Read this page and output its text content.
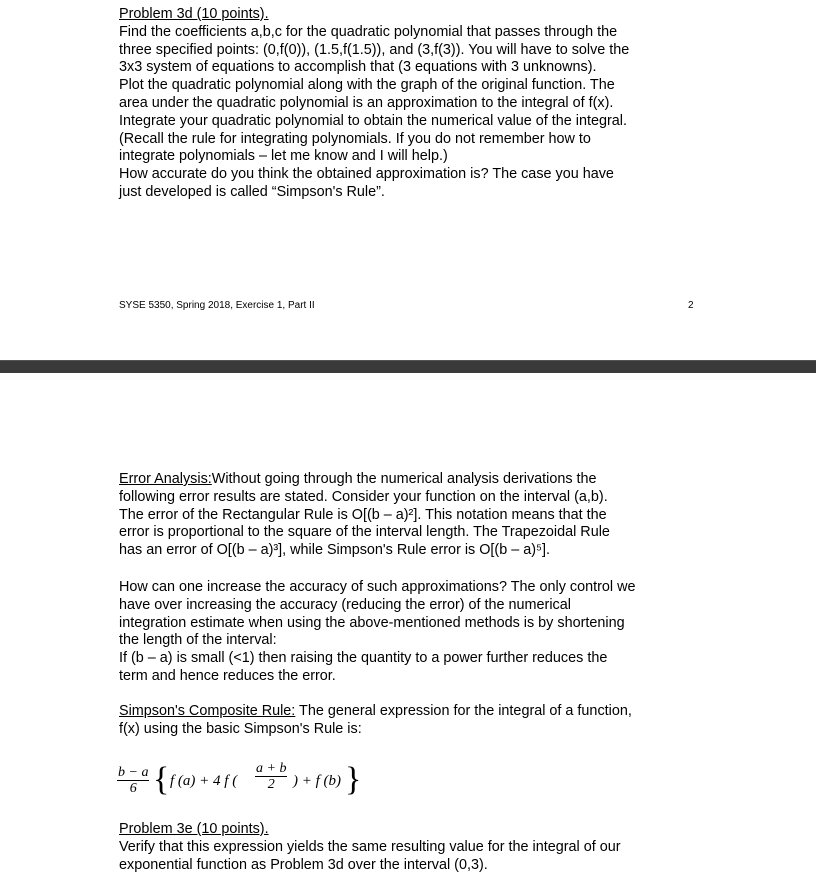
Problem 3d (10 points).
Find the coefficients a,b,c for the quadratic polynomial that passes through the
three specified points: (0,f(0)), (1.5,f(1.5)), and (3,f(3)). You will have to solve the
3x3 system of equations to accomplish that (3 equations with 3 unknowns).
Plot the quadratic polynomial along with the graph of the original function. The
area under the quadratic polynomial is an approximation to the integral of f(x).
Integrate your quadratic polynomial to obtain the numerical value of the integral.
(Recall the rule for integrating polynomials. If you do not remember how to
integrate polynomials – let me know and I will help.)
How accurate do you think the obtained approximation is? The case you have
just developed is called “Simpson's Rule”.
SYSE 5350, Spring 2018, Exercise 1, Part II	2
Error Analysis:Without going through the numerical analysis derivations the
following error results are stated. Consider your function on the interval (a,b).
The error of the Rectangular Rule is O[(b – a)²]. This notation means that the
error is proportional to the square of the interval length. The Trapezoidal Rule
has an error of O[(b – a)³], while Simpson's Rule error is O[(b – a)⁵].
How can one increase the accuracy of such approximations? The only control we
have over increasing the accuracy (reducing the error) of the numerical
integration estimate when using the above-mentioned methods is by shortening
the length of the interval:
If (b – a) is small (<1) then raising the quantity to a power further reduces the
term and hence reduces the error.
Simpson's Composite Rule: The general expression for the integral of a function,
f(x) using the basic Simpson's Rule is:
$\frac{b - a}{6}$ { f (a) + 4 f ( $\frac{a + b}{2}$ ) + f (b) }
Problem 3e (10 points).
Verify that this expression yields the same resulting value for the integral of our
exponential function as Problem 3d over the interval (0,3).
